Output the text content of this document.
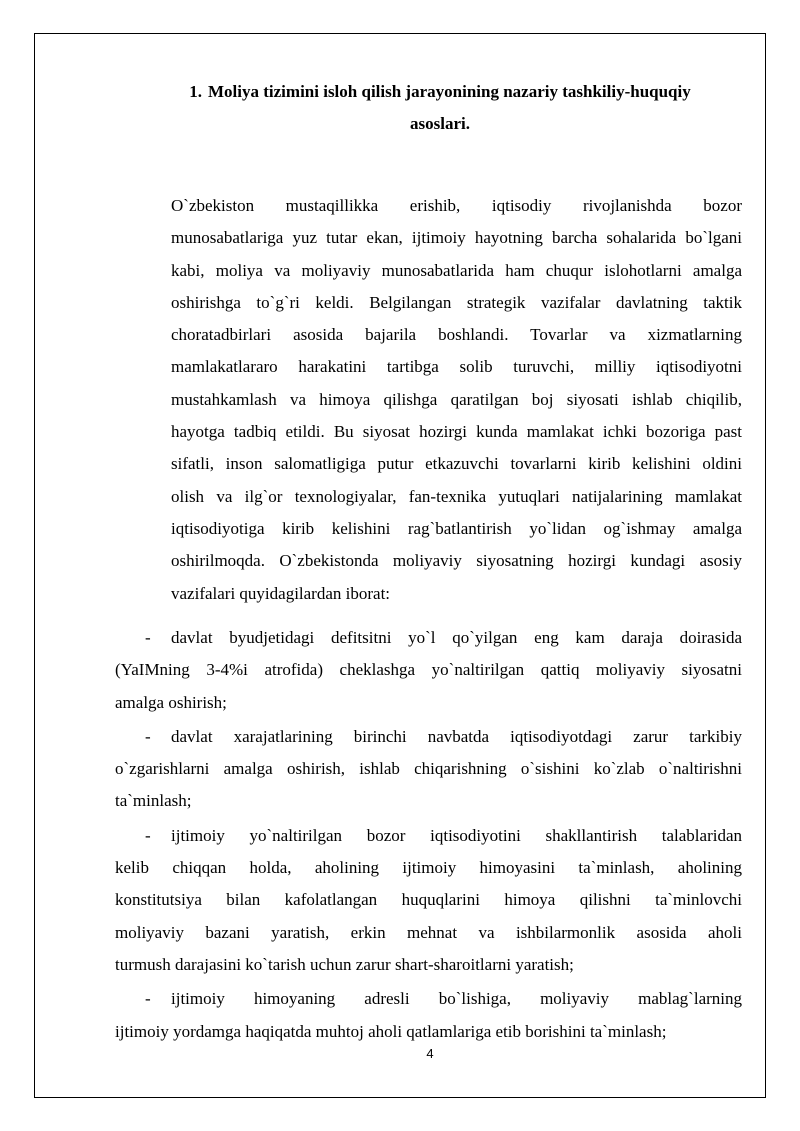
1. Moliya tizimini isloh qilish jarayonining nazariy tashkiliy-huquqiy
asoslari.
O`zbekiston mustaqillikka erishib, iqtisodiy rivojlanishda bozor
munosabatlariga yuz tutar ekan, ijtimoiy hayotning barcha sohalarida bo`lgani
kabi, moliya va moliyaviy munosabatlarida ham chuqur islohotlarni amalga
oshirishga to`g`ri keldi. Belgilangan strategik vazifalar davlatning taktik
choratadbirlari asosida bajarila boshlandi. Tovarlar va xizmatlarning
mamlakatlararo harakatini tartibga solib turuvchi, milliy iqtisodiyotni
mustahkamlash va himoya qilishga qaratilgan boj siyosati ishlab chiqilib,
hayotga tadbiq etildi. Bu siyosat hozirgi kunda mamlakat ichki bozoriga past
sifatli, inson salomatligiga putur etkazuvchi tovarlarni kirib kelishini oldini
olish va ilg`or texnologiyalar, fan-texnika yutuqlari natijalarining mamlakat
iqtisodiyotiga kirib kelishini rag`batlantirish yo`lidan og`ishmay amalga
oshirilmoqda. O`zbekistonda moliyaviy siyosatning hozirgi kundagi asosiy
vazifalari quyidagilardan iborat:
- davlat byudjetidagi defitsitni yo`l qo`yilgan eng kam daraja doirasida
(YaIMning 3-4%i atrofida) cheklashga yo`naltirilgan qattiq moliyaviy siyosatni
amalga oshirish;
- davlat xarajatlarining birinchi navbatda iqtisodiyotdagi zarur tarkibiy
o`zgarishlarni amalga oshirish, ishlab chiqarishning o`sishini ko`zlab o`naltirishni
ta`minlash;
- ijtimoiy yo`naltirilgan bozor iqtisodiyotini shakllantirish talablaridan
kelib chiqqan holda, aholining ijtimoiy himoyasini ta`minlash, aholining
konstitutsiya bilan kafolatlangan huquqlarini himoya qilishni ta`minlovchi
moliyaviy bazani yaratish, erkin mehnat va ishbilarmonlik asosida aholi
turmush darajasini ko`tarish uchun zarur shart-sharoitlarni yaratish;
- ijtimoiy himoyaning adresli bo`lishiga, moliyaviy mablag`larning
ijtimoiy yordamga haqiqatda muhtoj aholi qatlamlariga etib borishini ta`minlash;
4
